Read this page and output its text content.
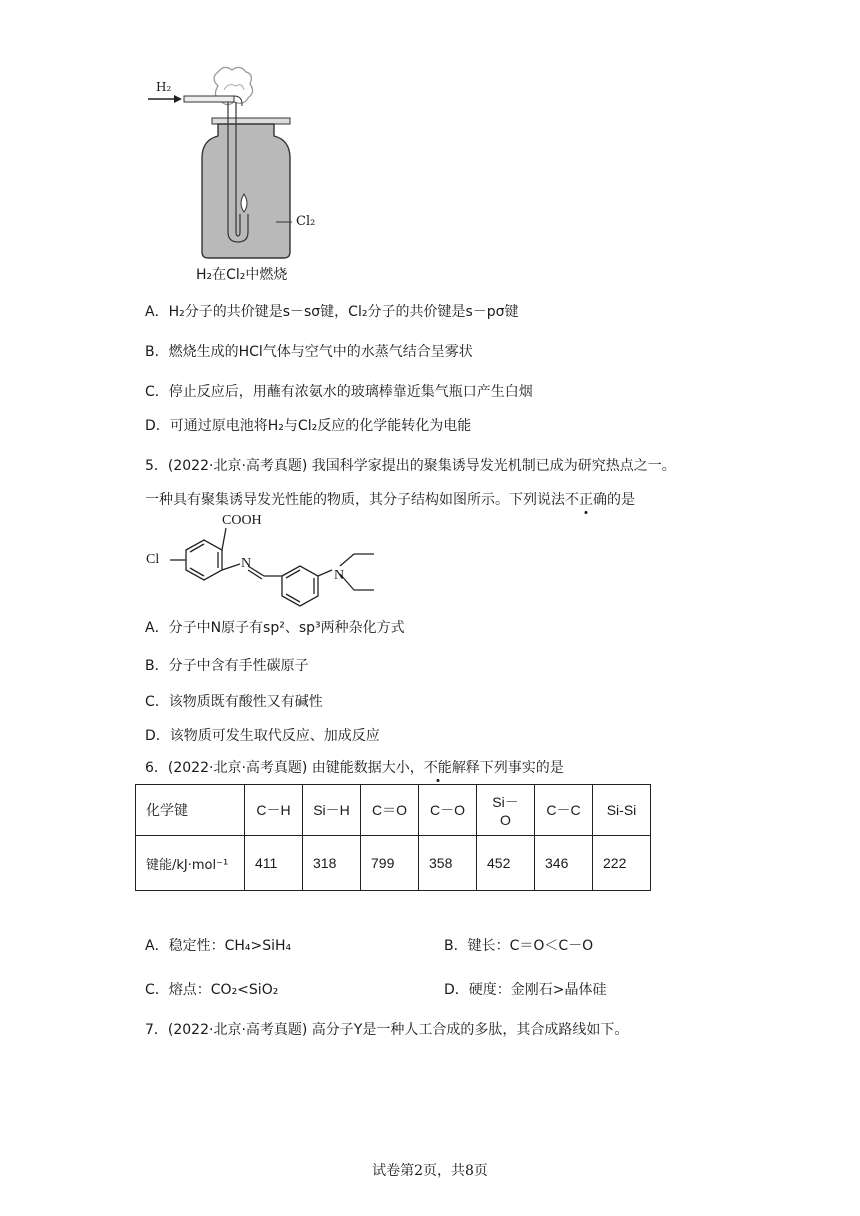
H₂
Cl₂
H₂在Cl₂中燃烧
A．H₂分子的共价键是s－sσ键，Cl₂分子的共价键是s－pσ键
B．燃烧生成的HCl气体与空气中的水蒸气结合呈雾状
C．停止反应后，用蘸有浓氨水的玻璃棒靠近集气瓶口产生白烟
D．可通过原电池将H₂与Cl₂反应的化学能转化为电能
5．(2022·北京·高考真题) 我国科学家提出的聚集诱导发光机制已成为研究热点之一。
一种具有聚集诱导发光性能的物质，其分子结构如图所示。下列说法不正确的是
COOH
Cl	N
N
A．分子中N原子有sp²、sp³两种杂化方式
B．分子中含有手性碳原子
C．该物质既有酸性又有碱性
D．该物质可发生取代反应、加成反应
6．(2022·北京·高考真题) 由键能数据大小，不能解释下列事实的是
化学键	C－H	Si－H	C＝O	C－O	Si－O	C－C	Si-Si
键能/kJ·mol⁻¹	411	318	799	358	452	346	222
A．稳定性：CH₄>SiH₄	B．键长：C＝O＜C－O
C．熔点：CO₂<SiO₂	D．硬度：金刚石>晶体硅
7．(2022·北京·高考真题) 高分子Y是一种人工合成的多肽，其合成路线如下。
试卷第2页，共8页
